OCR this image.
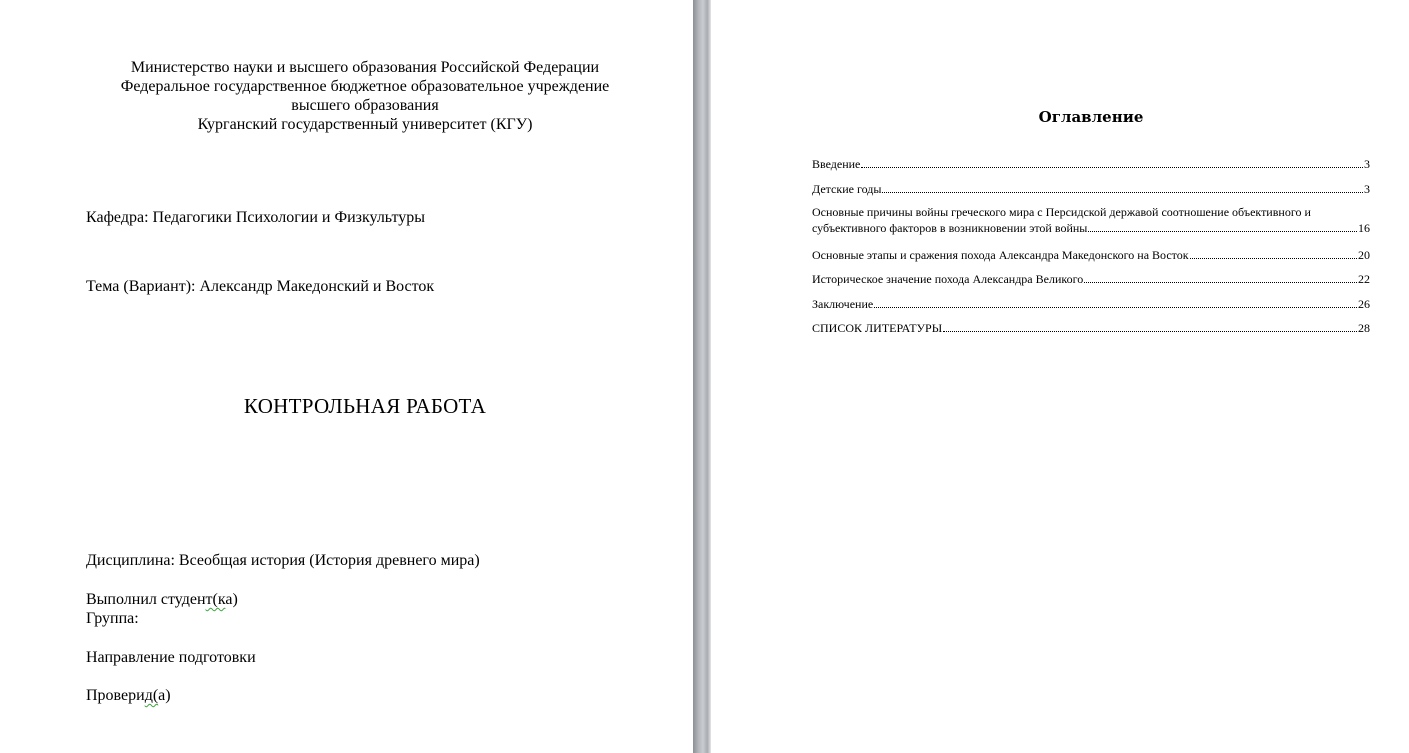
Министерство науки и высшего образования Российской Федерации
Федеральное государственное бюджетное образовательное учреждение
высшего образования
Курганский государственный университет (КГУ)
Кафедра: Педагогики Психологии и Физкультуры
Тема (Вариант): Александр Македонский и Восток
КОНТРОЛЬНАЯ РАБОТА
Дисциплина: Всеобщая история (История древнего мира)
Выполнил студент(ка)
Группа:
Направление подготовки
Проверид(а)
Оглавление
Введение	3
Детские годы	3
Основные причины войны греческого мира с Персидской державой соотношение объективного и
субъективного факторов в возникновении этой войны	16
Основные этапы и сражения похода Александра Македонского на Восток	20
Историческое значение похода Александра Великого	22
Заключение	26
СПИСОК ЛИТЕРАТУРЫ	28
